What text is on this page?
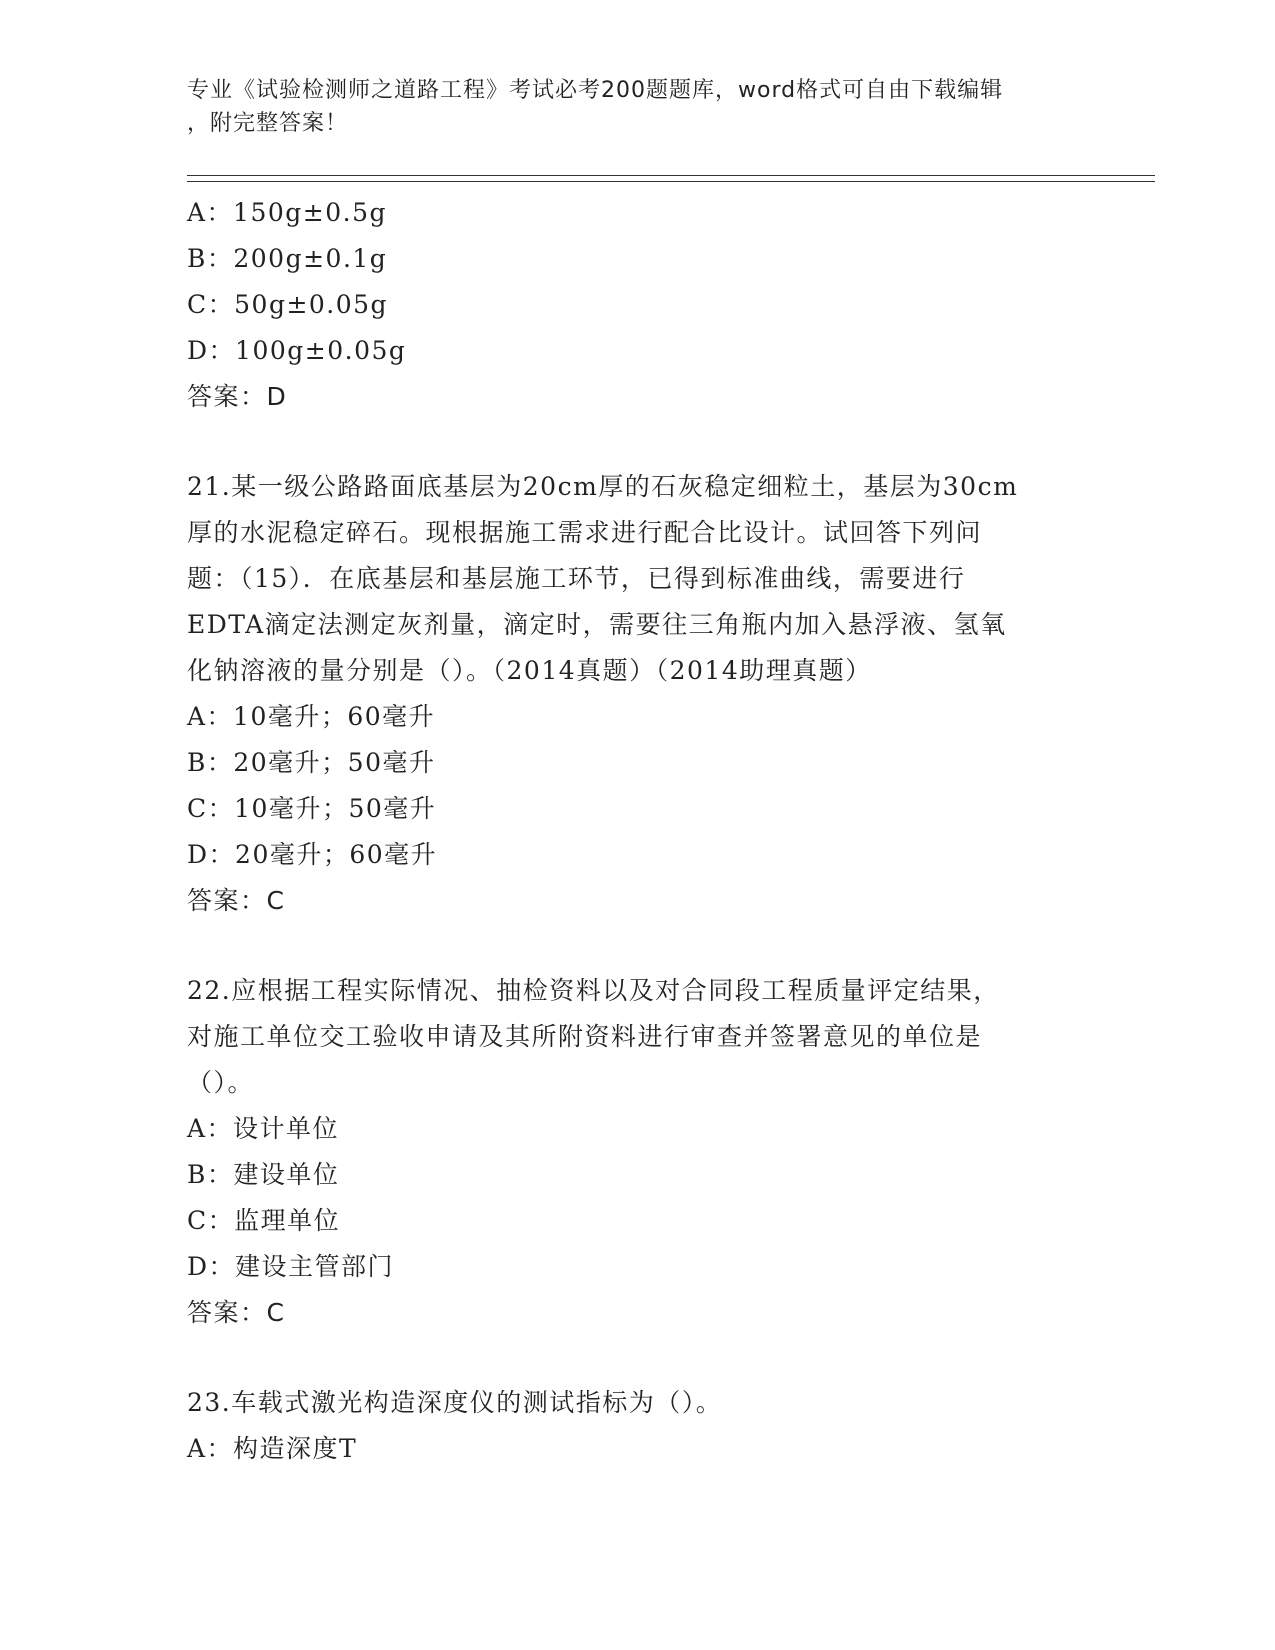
专业《试验检测师之道路工程》考试必考200题题库，word格式可自由下载编辑
，附完整答案！
A：150g±0.5g
B：200g±0.1g
C：50g±0.05g
D：100g±0.05g
答案：D
21.某一级公路路面底基层为20cm厚的石灰稳定细粒土，基层为30cm
厚的水泥稳定碎石。现根据施工需求进行配合比设计。试回答下列问
题：（15）．在底基层和基层施工环节，已得到标准曲线，需要进行
EDTA滴定法测定灰剂量，滴定时，需要往三角瓶内加入悬浮液、氢氧
化钠溶液的量分别是（）。（2014真题）（2014助理真题）
A：10毫升；60毫升
B：20毫升；50毫升
C：10毫升；50毫升
D：20毫升；60毫升
答案：C
22.应根据工程实际情况、抽检资料以及对合同段工程质量评定结果，
对施工单位交工验收申请及其所附资料进行审查并签署意见的单位是
（）。
A：设计单位
B：建设单位
C：监理单位
D：建设主管部门
答案：C
23.车载式激光构造深度仪的测试指标为（）。
A：构造深度T
